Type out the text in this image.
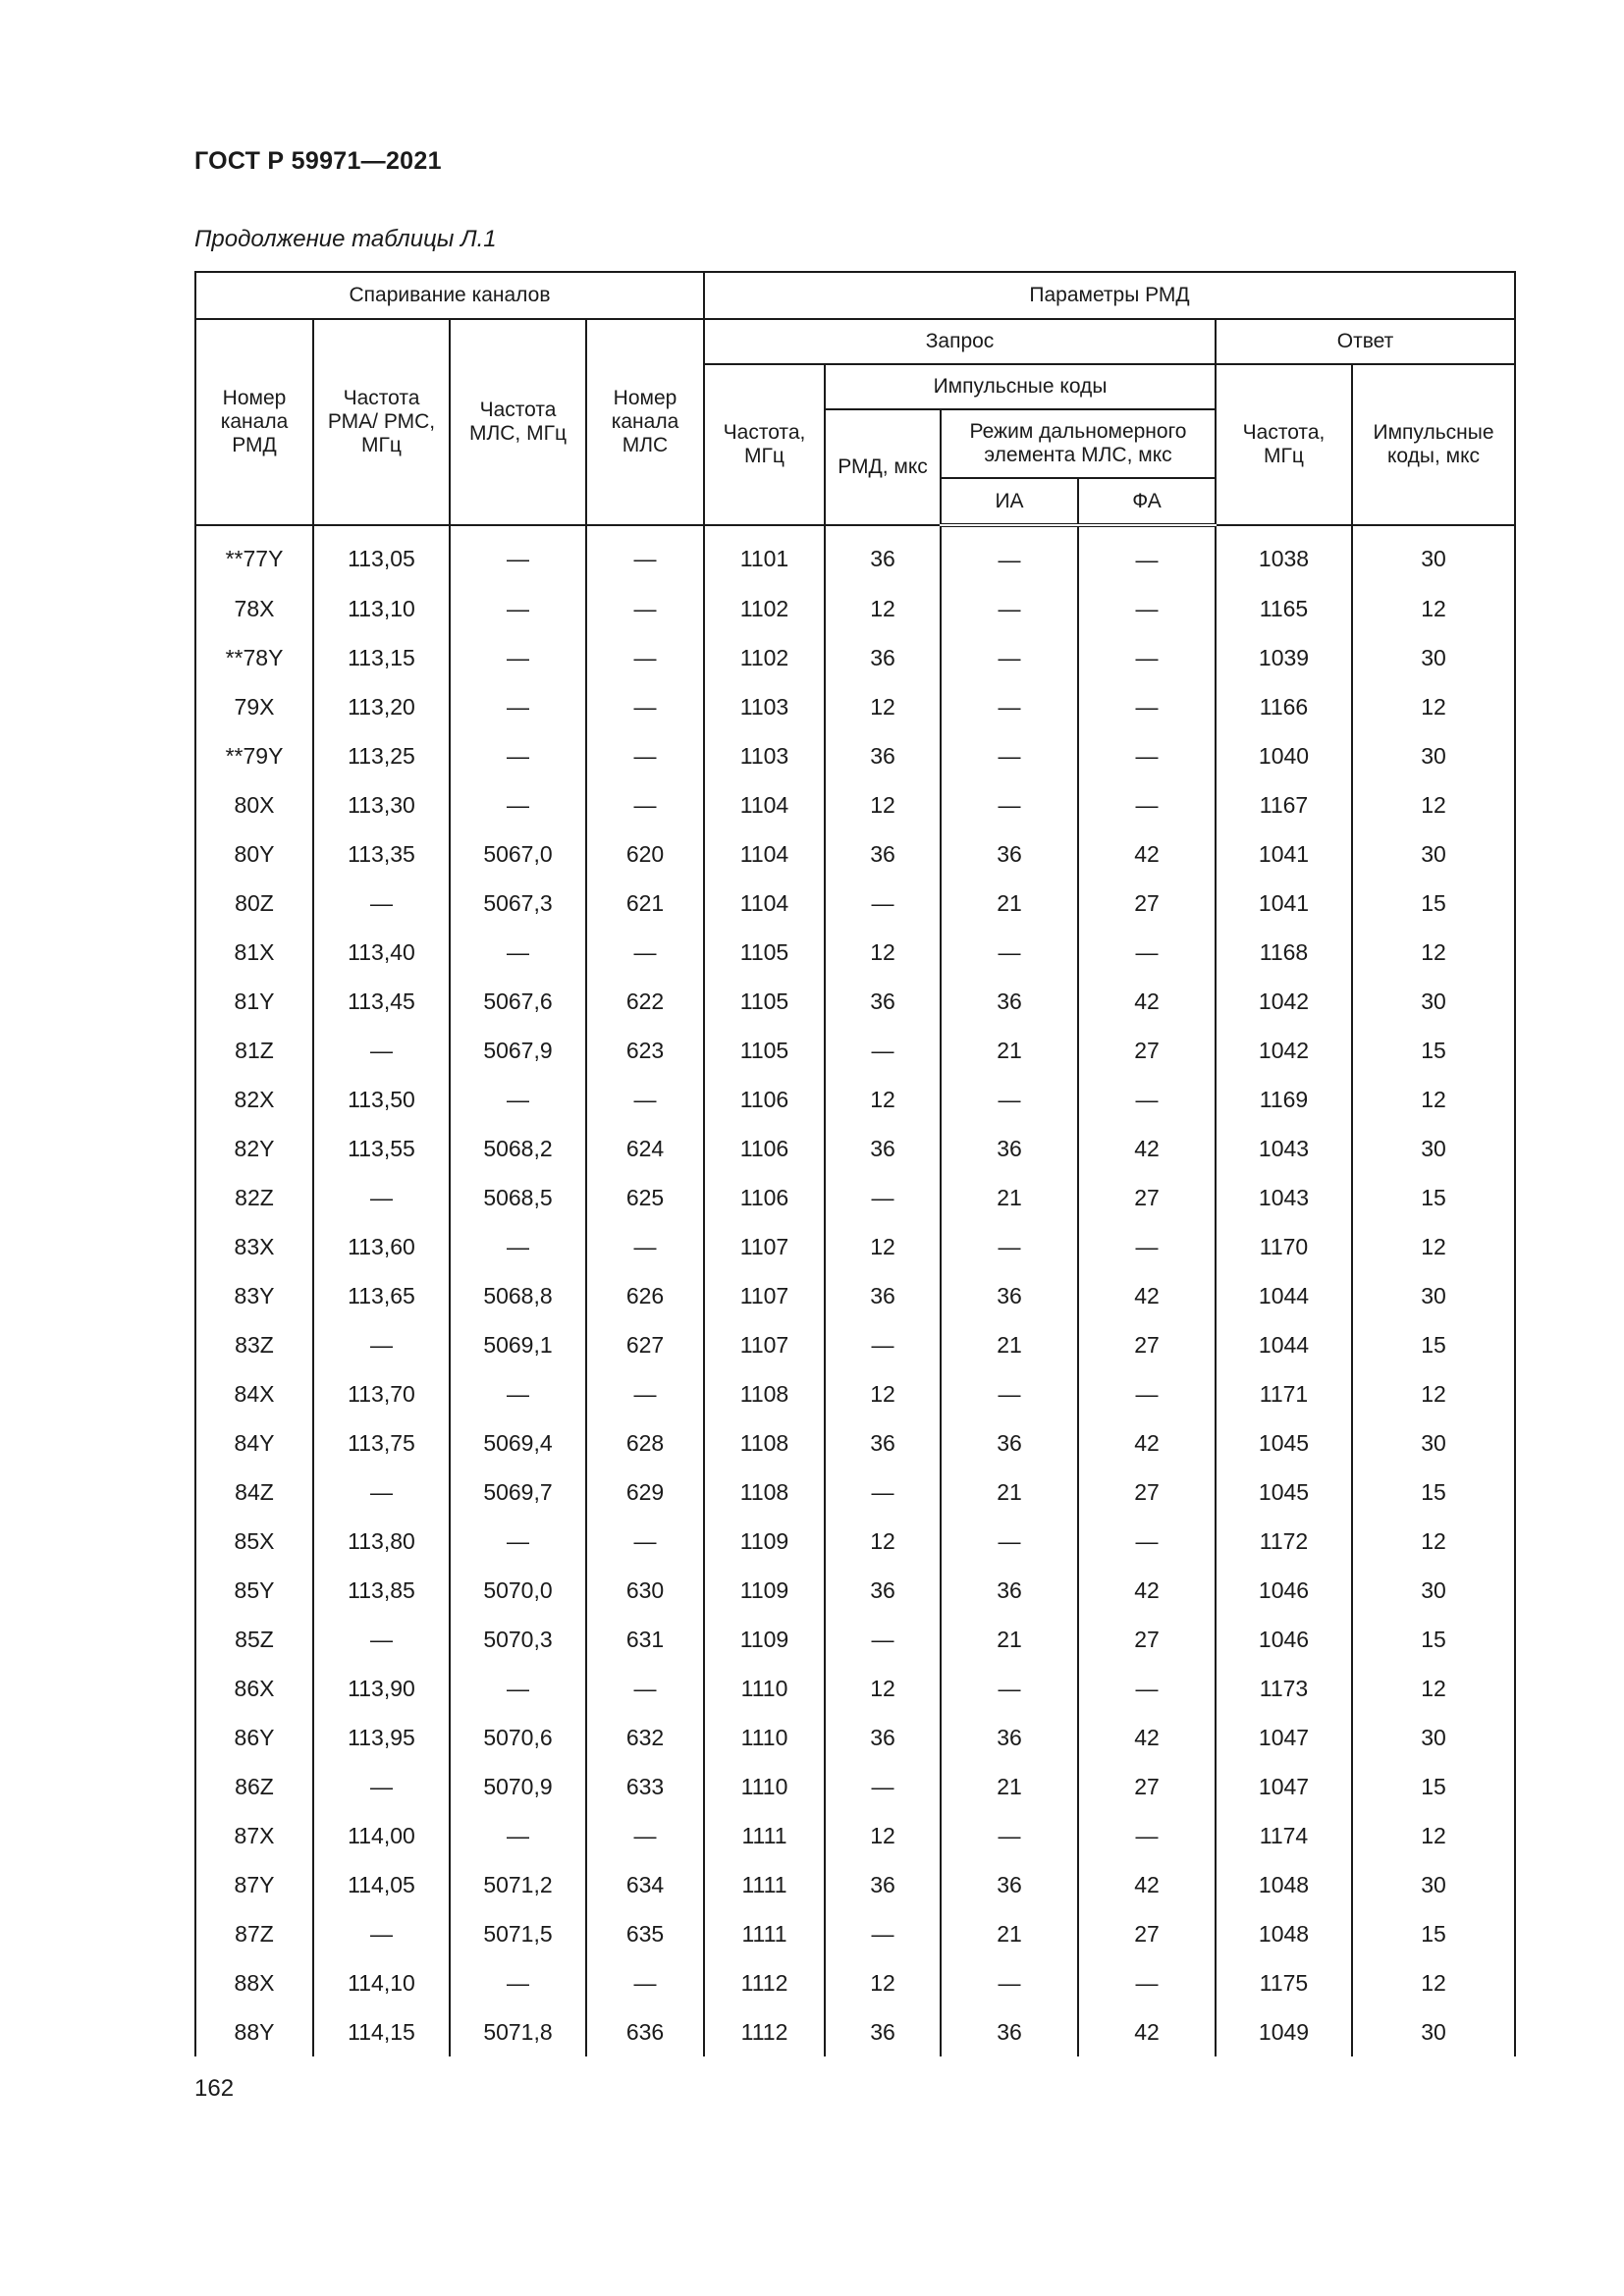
ГОСТ Р 59971—2021
Продолжение таблицы Л.1
Спаривание каналов				Параметры РМД					
Номер канала РМД	Частота РМА/ РМС, МГц	Частота МЛС, МГц	Номер канала МЛС	Запрос				Ответ	
				Частота, МГц	Импульсные коды			Частота, МГц	Импульсные коды, мкс
					РМД, мкс	Режим дальномерного элемента МЛС, мкс			
						ИА	ФА		
**77Y	113,05	—	—	1101	36	—	—	1038	30
78X	113,10	—	—	1102	12	—	—	1165	12
**78Y	113,15	—	—	1102	36	—	—	1039	30
79X	113,20	—	—	1103	12	—	—	1166	12
**79Y	113,25	—	—	1103	36	—	—	1040	30
80X	113,30	—	—	1104	12	—	—	1167	12
80Y	113,35	5067,0	620	1104	36	36	42	1041	30
80Z	—	5067,3	621	1104	—	21	27	1041	15
81X	113,40	—	—	1105	12	—	—	1168	12
81Y	113,45	5067,6	622	1105	36	36	42	1042	30
81Z	—	5067,9	623	1105	—	21	27	1042	15
82X	113,50	—	—	1106	12	—	—	1169	12
82Y	113,55	5068,2	624	1106	36	36	42	1043	30
82Z	—	5068,5	625	1106	—	21	27	1043	15
83X	113,60	—	—	1107	12	—	—	1170	12
83Y	113,65	5068,8	626	1107	36	36	42	1044	30
83Z	—	5069,1	627	1107	—	21	27	1044	15
84X	113,70	—	—	1108	12	—	—	1171	12
84Y	113,75	5069,4	628	1108	36	36	42	1045	30
84Z	—	5069,7	629	1108	—	21	27	1045	15
85X	113,80	—	—	1109	12	—	—	1172	12
85Y	113,85	5070,0	630	1109	36	36	42	1046	30
85Z	—	5070,3	631	1109	—	21	27	1046	15
86X	113,90	—	—	1110	12	—	—	1173	12
86Y	113,95	5070,6	632	1110	36	36	42	1047	30
86Z	—	5070,9	633	1110	—	21	27	1047	15
87X	114,00	—	—	1111	12	—	—	1174	12
87Y	114,05	5071,2	634	1111	36	36	42	1048	30
87Z	—	5071,5	635	1111	—	21	27	1048	15
88X	114,10	—	—	1112	12	—	—	1175	12
88Y	114,15	5071,8	636	1112	36	36	42	1049	30
162
